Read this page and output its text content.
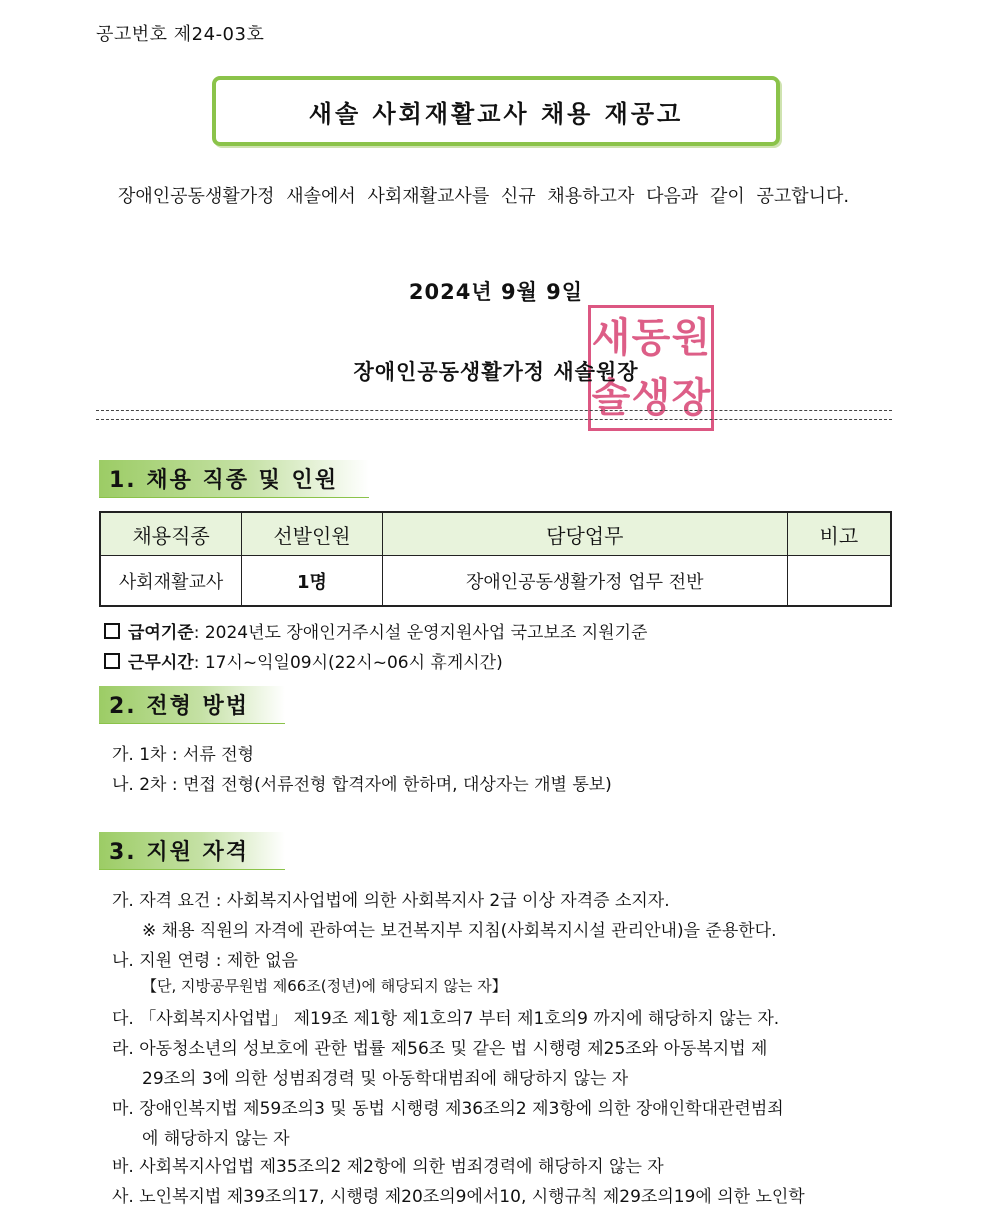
공고번호 제24-03호
새솔 사회재활교사 채용 재공고
장애인공동생활가정 새솔에서 사회재활교사를 신규 채용하고자 다음과 같이 공고합니다.
2024년 9월 9일
새 동 원
솔 생 장
장애인공동생활가정 새솔원장
1. 채용 직종 및 인원
채용직종	선발인원	담당업무	비고
사회재활교사	1명	장애인공동생활가정 업무 전반	
급여기준: 2024년도 장애인거주시설 운영지원사업 국고보조 지원기준
근무시간: 17시~익일09시(22시~06시 휴게시간)
2. 전형 방법
가. 1차 : 서류 전형
나. 2차 : 면접 전형(서류전형 합격자에 한하며, 대상자는 개별 통보)
3. 지원 자격
가. 자격 요건 : 사회복지사업법에 의한 사회복지사 2급 이상 자격증 소지자.
※ 채용 직원의 자격에 관하여는 보건복지부 지침(사회복지시설 관리안내)을 준용한다.
나. 지원 연령 : 제한 없음
【단, 지방공무원법 제66조(정년)에 해당되지 않는 자】
다. 「사회복지사업법」 제19조 제1항 제1호의7 부터 제1호의9 까지에 해당하지 않는 자.
라. 아동청소년의 성보호에 관한 법률 제56조 및 같은 법 시행령 제25조와 아동복지법 제
29조의 3에 의한 성범죄경력 및 아동학대범죄에 해당하지 않는 자
마. 장애인복지법 제59조의3 및 동법 시행령 제36조의2 제3항에 의한 장애인학대관련범죄
에 해당하지 않는 자
바. 사회복지사업법 제35조의2 제2항에 의한 범죄경력에 해당하지 않는 자
사. 노인복지법 제39조의17, 시행령 제20조의9에서10, 시행규칙 제29조의19에 의한 노인학
